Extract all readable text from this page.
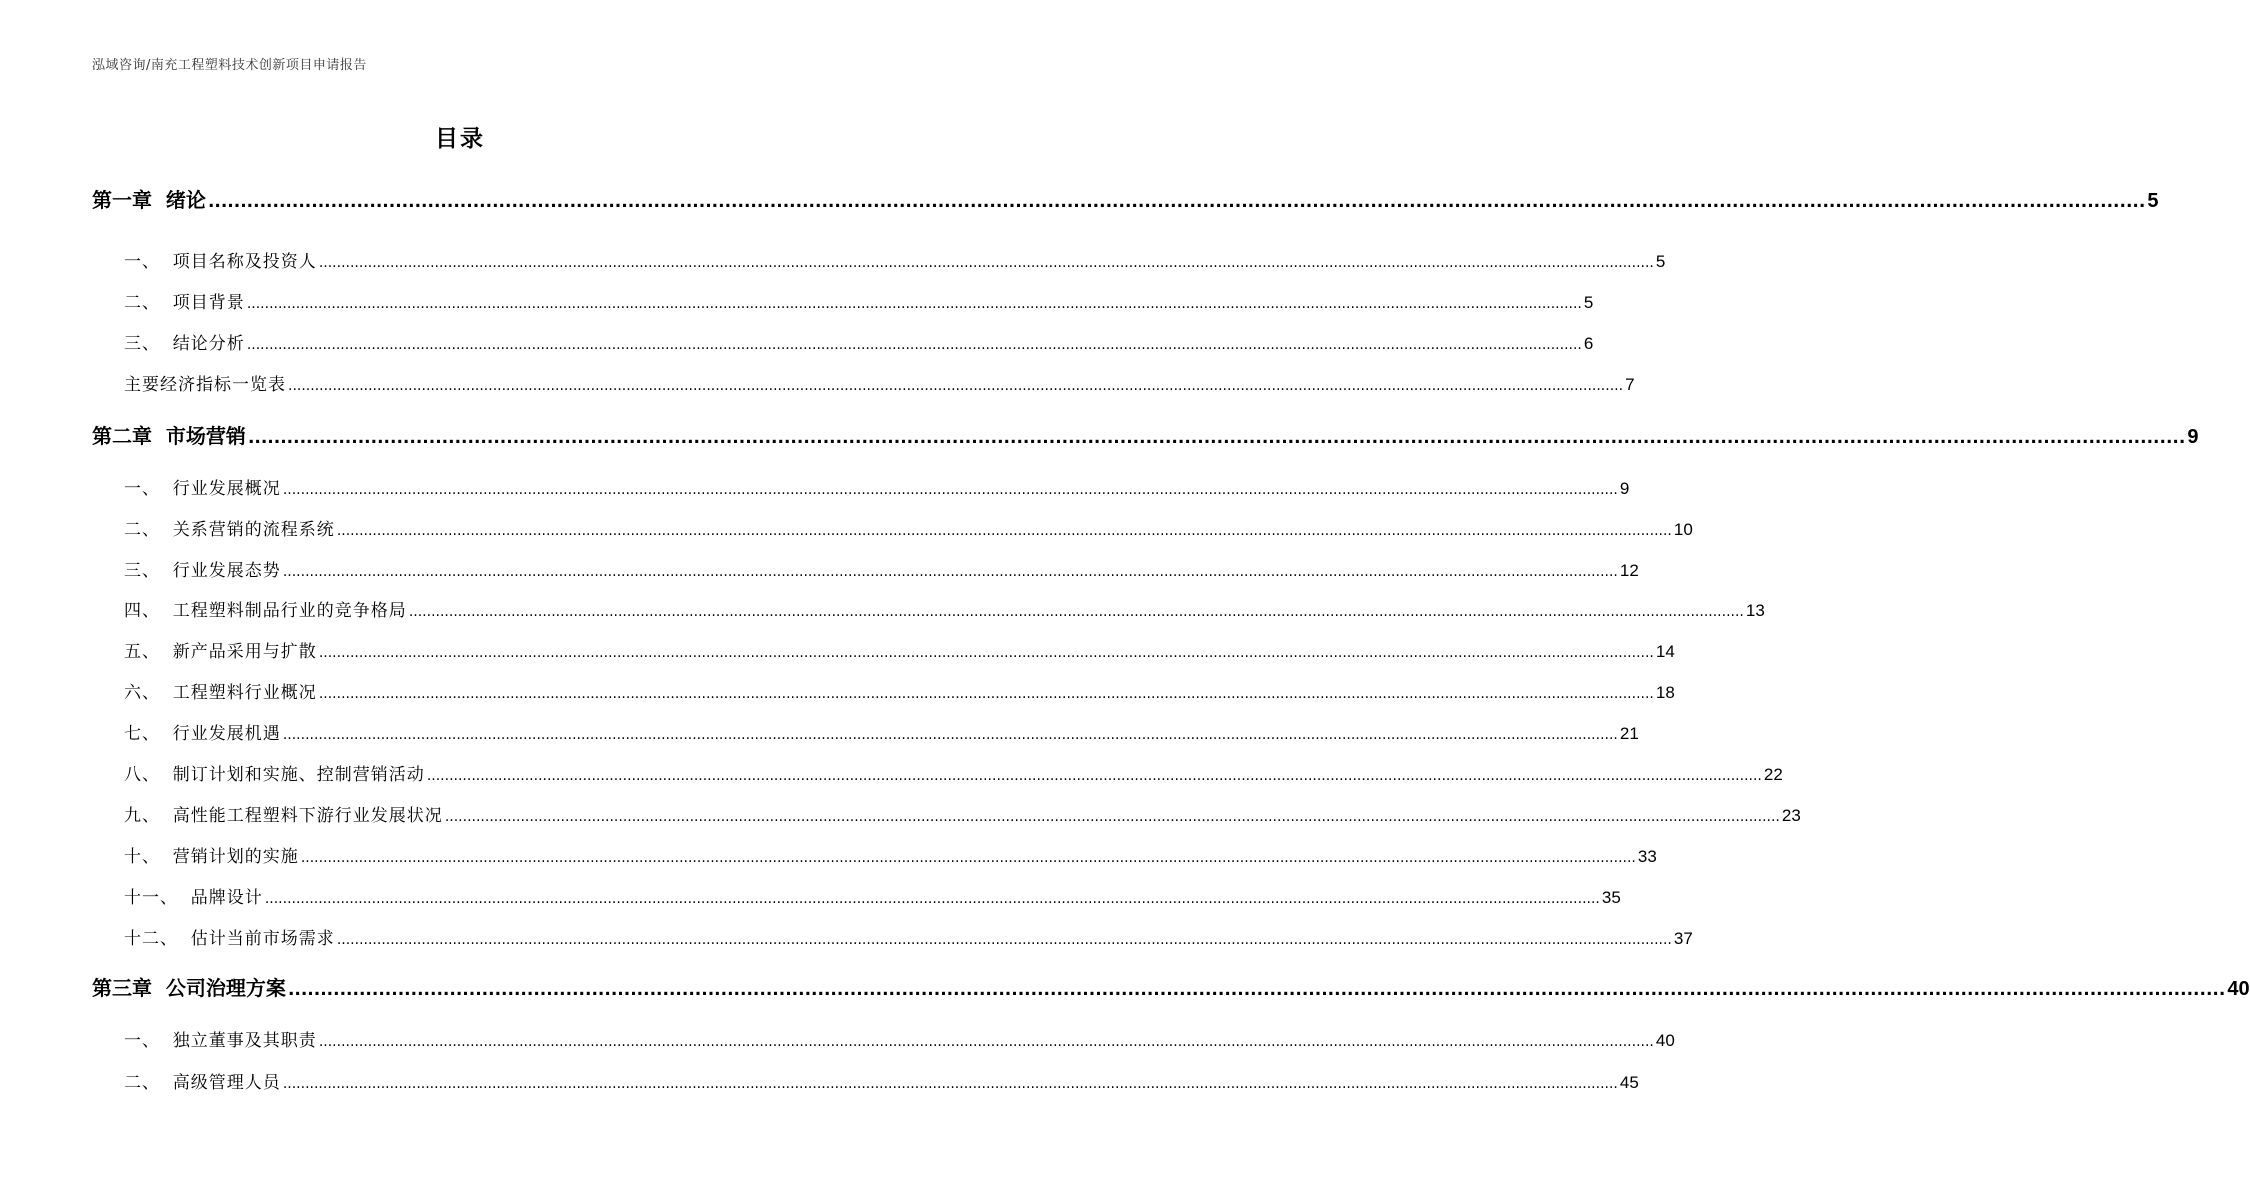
泓域咨询/南充工程塑料技术创新项目申请报告
目录
第一章  绪论 ............................................................................................................................................................................................................................................................................................................ 5
一、  项目名称及投资人 ............................................................................................................................................................................................................................................................................................................ 5
二、  项目背景 ............................................................................................................................................................................................................................................................................................................ 5
三、  结论分析 ............................................................................................................................................................................................................................................................................................................ 6
主要经济指标一览表 ............................................................................................................................................................................................................................................................................................................ 7
第二章  市场营销 ............................................................................................................................................................................................................................................................................................................ 9
一、  行业发展概况 ............................................................................................................................................................................................................................................................................................................ 9
二、  关系营销的流程系统 ............................................................................................................................................................................................................................................................................................................ 10
三、  行业发展态势 ............................................................................................................................................................................................................................................................................................................ 12
四、  工程塑料制品行业的竞争格局 ............................................................................................................................................................................................................................................................................................................ 13
五、  新产品采用与扩散 ............................................................................................................................................................................................................................................................................................................ 14
六、  工程塑料行业概况 ............................................................................................................................................................................................................................................................................................................ 18
七、  行业发展机遇 ............................................................................................................................................................................................................................................................................................................ 21
八、  制订计划和实施、控制营销活动 ............................................................................................................................................................................................................................................................................................................ 22
九、  高性能工程塑料下游行业发展状况 ............................................................................................................................................................................................................................................................................................................ 23
十、  营销计划的实施 ............................................................................................................................................................................................................................................................................................................ 33
十一、  品牌设计 ............................................................................................................................................................................................................................................................................................................ 35
十二、  估计当前市场需求 ............................................................................................................................................................................................................................................................................................................ 37
第三章  公司治理方案 ............................................................................................................................................................................................................................................................................................................ 40
一、  独立董事及其职责 ............................................................................................................................................................................................................................................................................................................ 40
二、  高级管理人员 ............................................................................................................................................................................................................................................................................................................ 45
